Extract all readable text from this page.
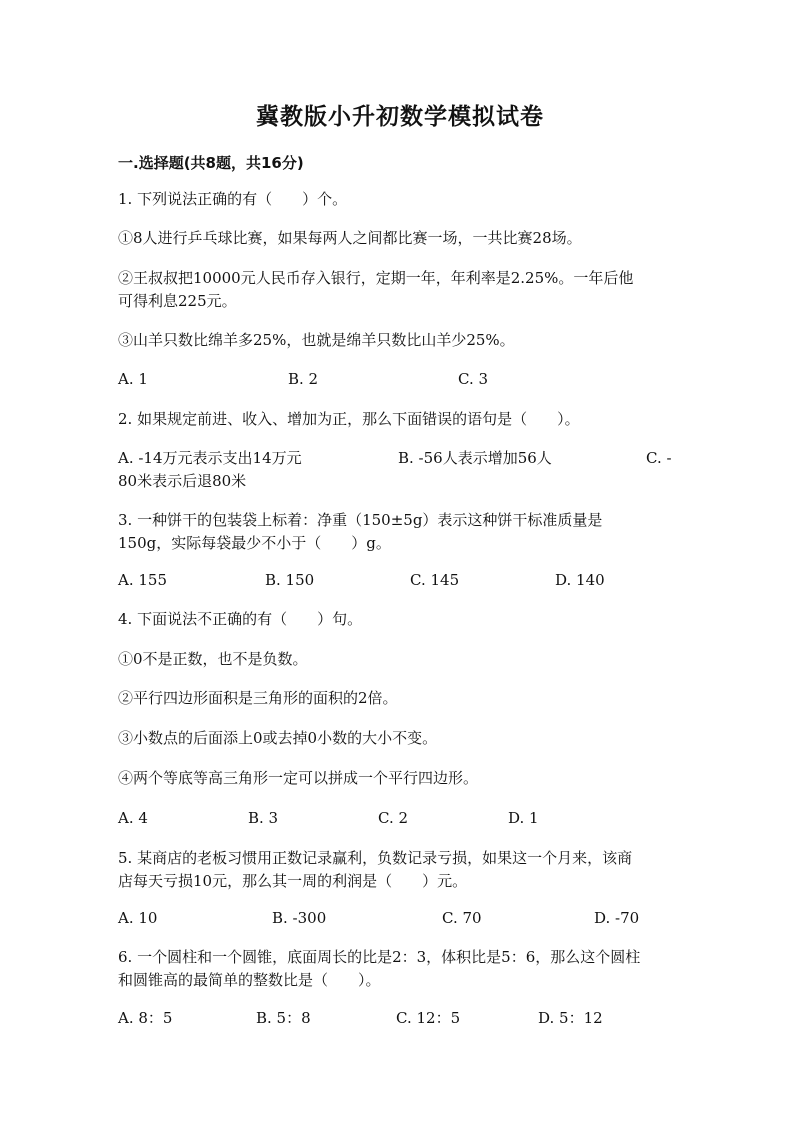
冀教版小升初数学模拟试卷
一.选择题(共8题，共16分)
1. 下列说法正确的有（　　）个。
①8人进行乒乓球比赛，如果每两人之间都比赛一场，一共比赛28场。
②王叔叔把10000元人民币存入银行，定期一年，年利率是2.25%。一年后他
可得利息225元。
③山羊只数比绵羊多25%，也就是绵羊只数比山羊少25%。
A. 1	B. 2	C. 3
2. 如果规定前进、收入、增加为正，那么下面错误的语句是（　　）。
A. -14万元表示支出14万元	B. -56人表示增加56人	C. -
80米表示后退80米
3. 一种饼干的包装袋上标着：净重（150±5g）表示这种饼干标准质量是
150g，实际每袋最少不小于（　　）g。
A. 155	B. 150	C. 145	D. 140
4. 下面说法不正确的有（　　）句。
①0不是正数，也不是负数。
②平行四边形面积是三角形的面积的2倍。
③小数点的后面添上0或去掉0小数的大小不变。
④两个等底等高三角形一定可以拼成一个平行四边形。
A. 4	B. 3	C. 2	D. 1
5. 某商店的老板习惯用正数记录赢利，负数记录亏损，如果这一个月来，该商
店每天亏损10元，那么其一周的利润是（　　）元。
A. 10	B. -300	C. 70	D. -70
6. 一个圆柱和一个圆锥，底面周长的比是2：3，体积比是5：6，那么这个圆柱
和圆锥高的最简单的整数比是（　　）。
A. 8：5	B. 5：8	C. 12：5	D. 5：12
